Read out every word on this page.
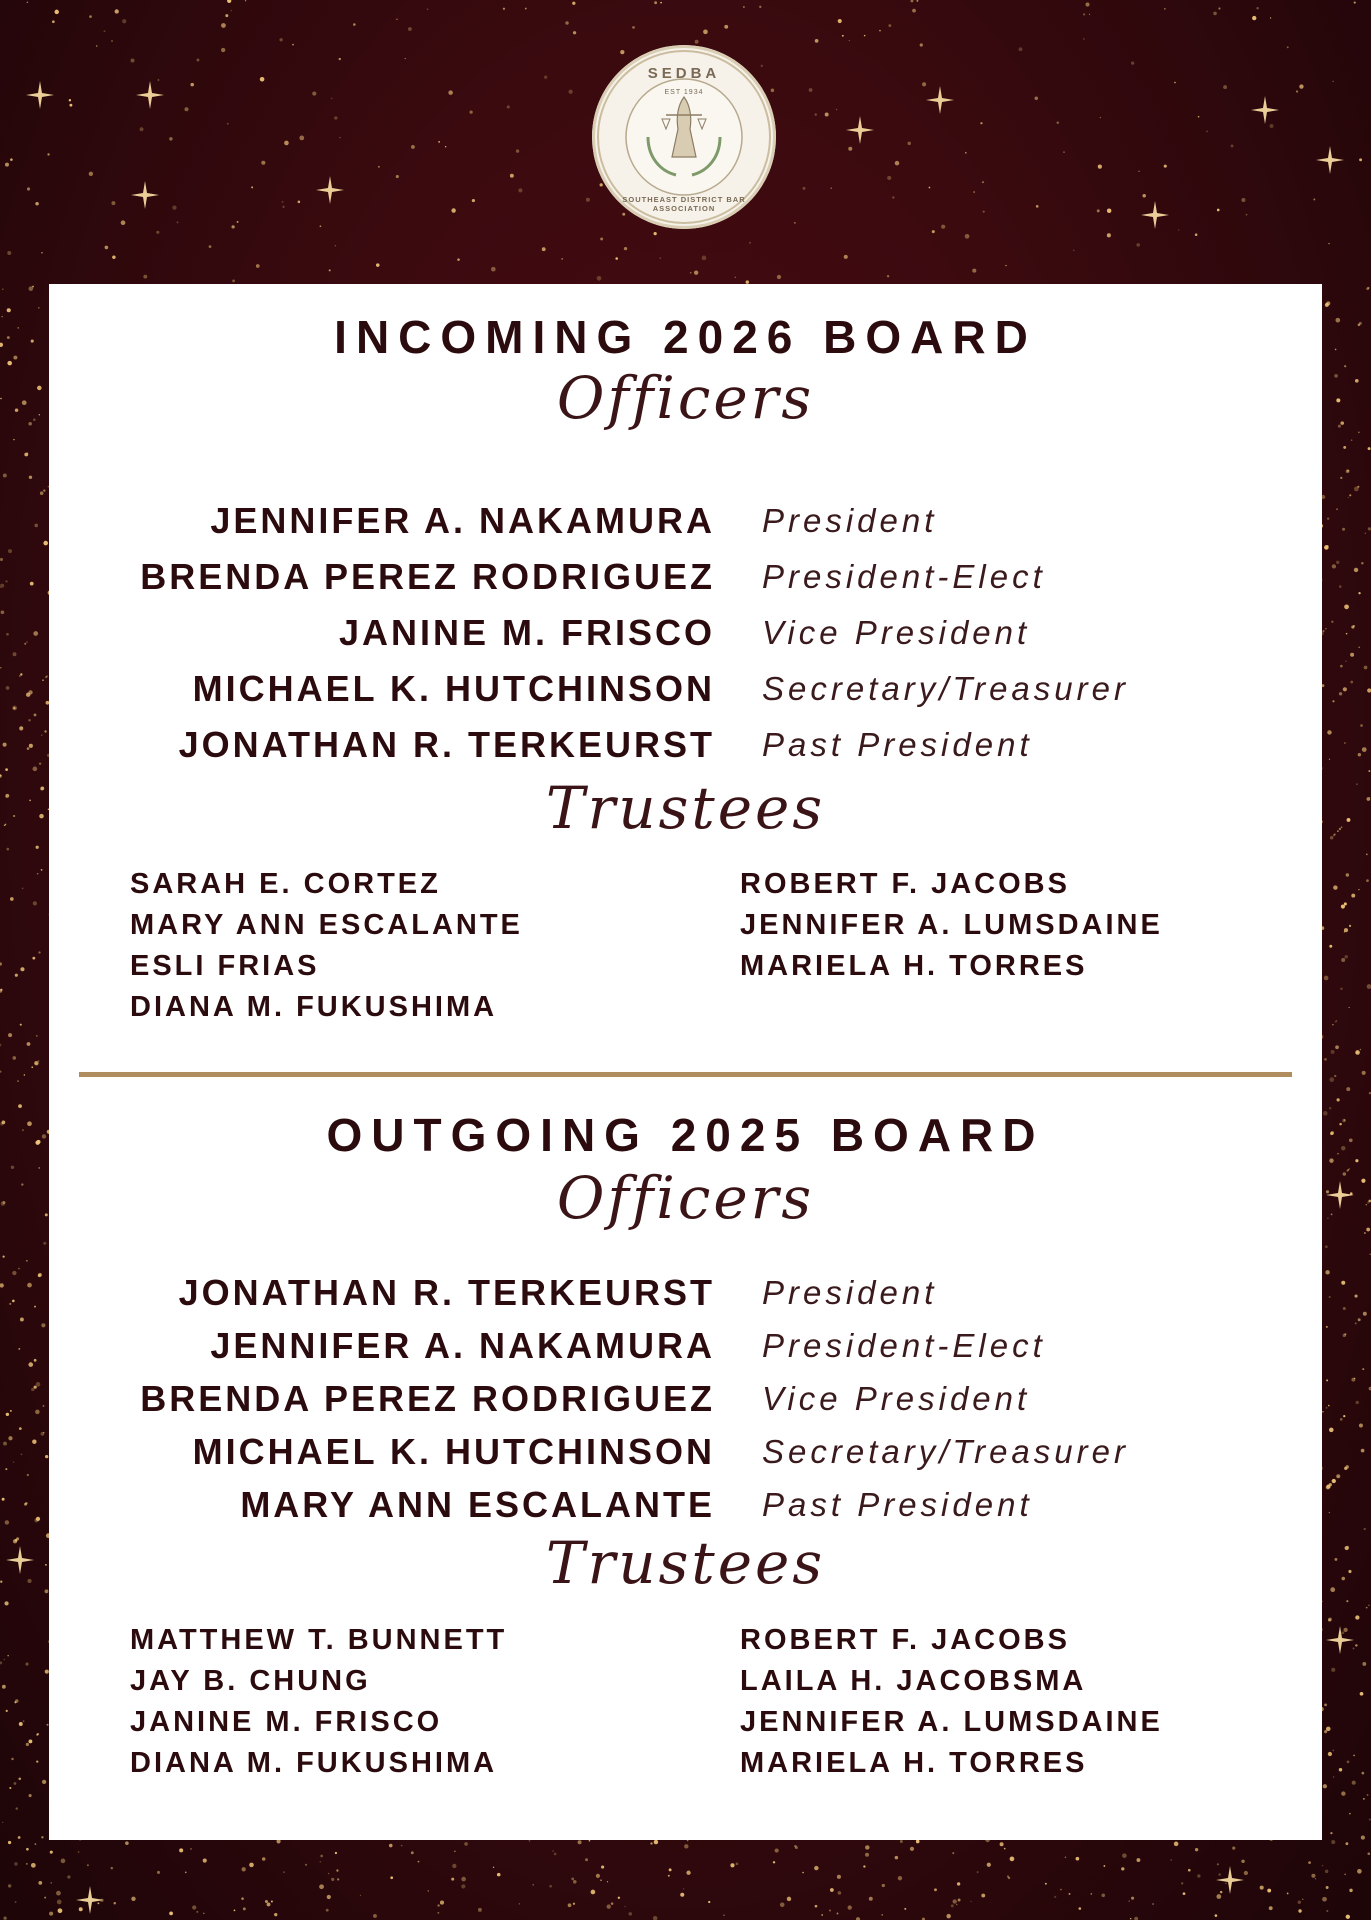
SEDBA
EST 1934
SOUTHEAST DISTRICT BAR ASSOCIATION
INCOMING 2026 BOARD
Officers
JENNIFER A. NAKAMURA President
BRENDA PEREZ RODRIGUEZ President-Elect
JANINE M. FRISCO Vice President
MICHAEL K. HUTCHINSON Secretary/Treasurer
JONATHAN R. TERKEURST Past President
Trustees
SARAH E. CORTEZ
MARY ANN ESCALANTE
ESLI FRIAS
DIANA M. FUKUSHIMA
ROBERT F. JACOBS
JENNIFER A. LUMSDAINE
MARIELA H. TORRES
OUTGOING 2025 BOARD
Officers
JONATHAN R. TERKEURST President
JENNIFER A. NAKAMURA President-Elect
BRENDA PEREZ RODRIGUEZ Vice President
MICHAEL K. HUTCHINSON Secretary/Treasurer
MARY ANN ESCALANTE Past President
Trustees
MATTHEW T. BUNNETT
JAY B. CHUNG
JANINE M. FRISCO
DIANA M. FUKUSHIMA
ROBERT F. JACOBS
LAILA H. JACOBSMA
JENNIFER A. LUMSDAINE
MARIELA H. TORRES
